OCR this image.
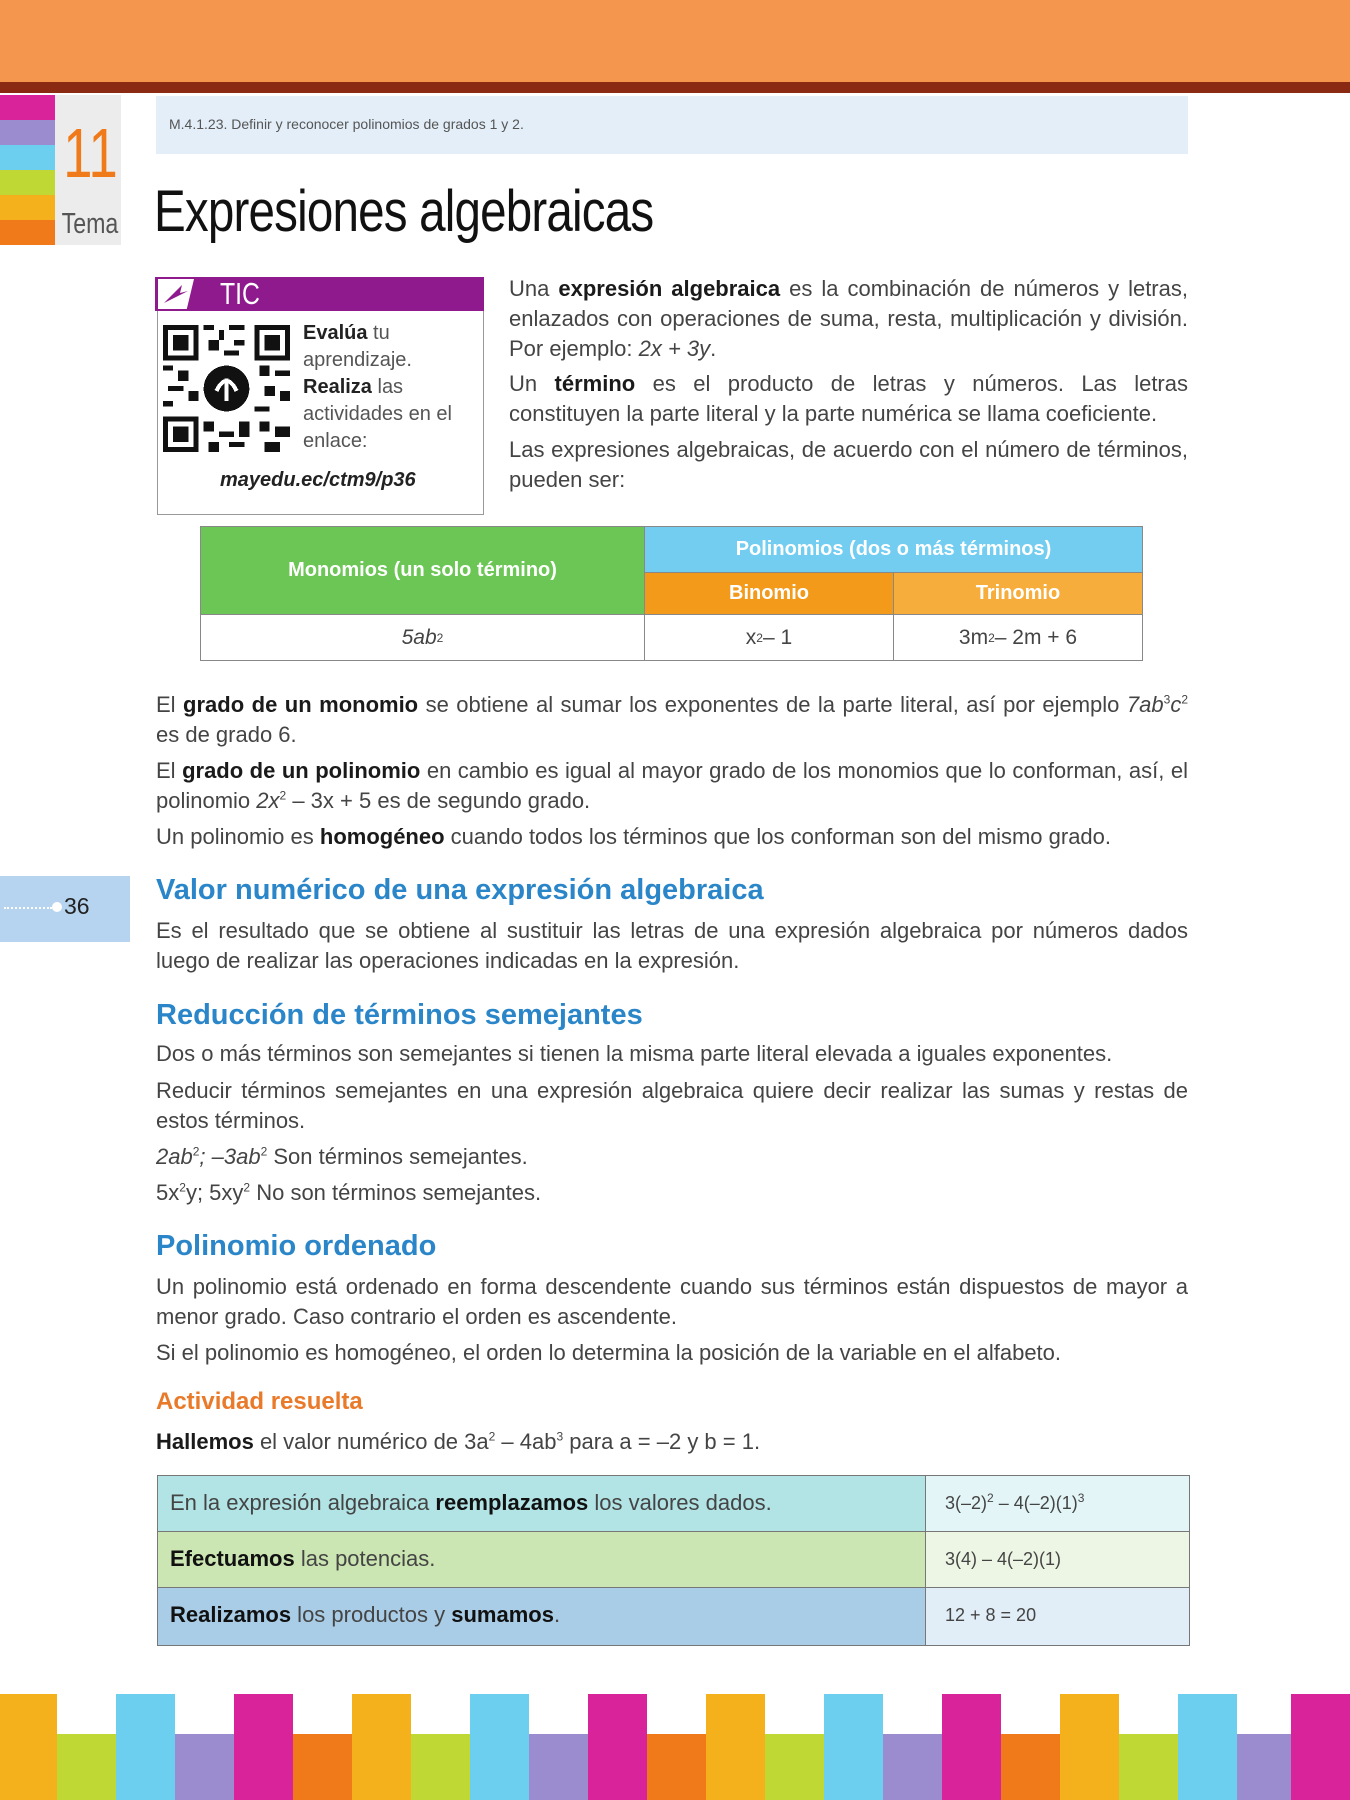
11
Tema
M.4.1.23. Definir y reconocer polinomios de grados 1 y 2.
Expresiones algebraicas
TIC
Evalúa tu aprendizaje.
Realiza las actividades en el enlace:
mayedu.ec/ctm9/p36
Una expresión algebraica es la combinación de números y letras, enlazados con operaciones de suma, resta, multiplicación y división. Por ejemplo: 2x + 3y.
Un término es el producto de letras y números. Las letras constituyen la parte literal y la parte numérica se llama coeficiente.
Las expresiones algebraicas, de acuerdo con el número de términos, pueden ser:
Monomios (un solo término)
Polinomios (dos o más términos)
Binomio	Trinomio
5ab 2	x 2 – 1	3m 2 – 2m + 6
El grado de un monomio se obtiene al sumar los exponentes de la parte literal, así por ejemplo $7ab^3c^2$ es de grado 6.
El grado de un polinomio en cambio es igual al mayor grado de los monomios que lo conforman, así, el polinomio $2x^2 - 3x + 5$ es de segundo grado.
Un polinomio es homogéneo cuando todos los términos que los conforman son del mismo grado.
36 Valor numérico de una expresión algebraica
Es el resultado que se obtiene al sustituir las letras de una expresión algebraica por números dados luego de realizar las operaciones indicadas en la expresión.
Reducción de términos semejantes
Dos o más términos son semejantes si tienen la misma parte literal elevada a iguales exponentes.
Reducir términos semejantes en una expresión algebraica quiere decir realizar las sumas y restas de estos términos.
$2ab^2$; $-3ab^2$ Son términos semejantes.
$5x^2y$; $5xy^2$ No son términos semejantes.
Polinomio ordenado
Un polinomio está ordenado en forma descendente cuando sus términos están dispuestos de mayor a menor grado. Caso contrario el orden es ascendente.
Si el polinomio es homogéneo, el orden lo determina la posición de la variable en el alfabeto.
Actividad resuelta
Hallemos el valor numérico de $3a^2 - 4ab^3$ para a = –2 y b = 1.
En la expresión algebraica reemplazamos los valores dados.	$3(-2)^2 - 4(-2)(1)^3$
Efectuamos las potencias.	3(4) – 4(–2)(1)
Realizamos los productos y sumamos.	12 + 8 = 20
